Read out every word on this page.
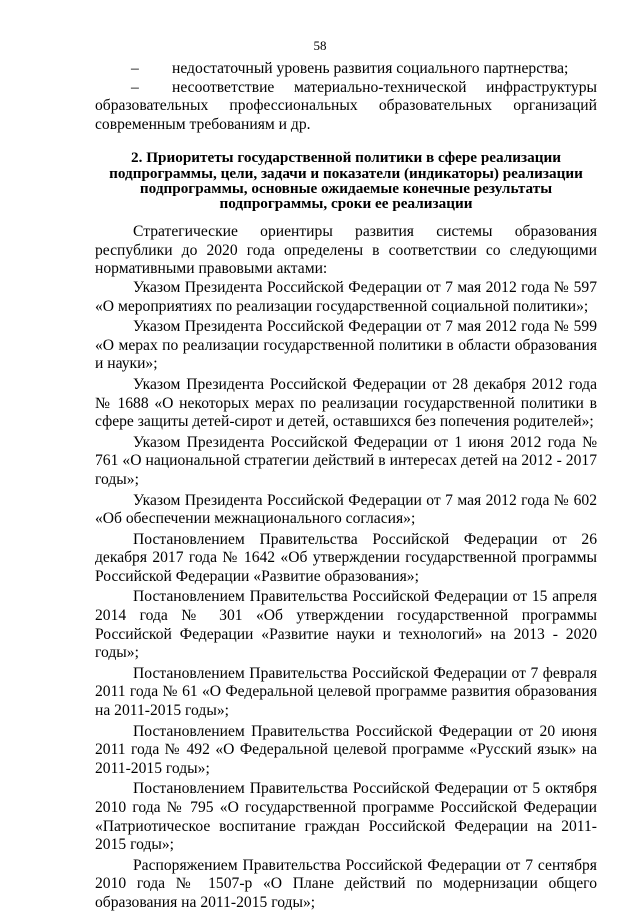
58
–	недостаточный уровень развития социального партнерства;
–	несоответствие материально-технической инфраструктуры

образовательных профессиональных образовательных организаций современным требованиям и др.

2. Приоритеты государственной политики в сфере реализации подпрограммы, цели, задачи и показатели (индикаторы) реализации подпрограммы, основные ожидаемые конечные результаты подпрограммы, сроки ее реализации

Стратегические ориентиры развития системы образования республики до 2020 года определены в соответствии со следующими нормативными правовыми актами:

Указом Президента Российской Федерации от 7 мая 2012 года № 597 «О мероприятиях по реализации государственной социальной политики»;

Указом Президента Российской Федерации от 7 мая 2012 года № 599 «О мерах по реализации государственной политики в области образования и науки»;

Указом Президента Российской Федерации от 28 декабря 2012 года № 1688 «О некоторых мерах по реализации государственной политики в сфере защиты детей-сирот и детей, оставшихся без попечения родителей»;

Указом Президента Российской Федерации от 1 июня 2012 года № 761 «О национальной стратегии действий в интересах детей на 2012 - 2017 годы»;

Указом Президента Российской Федерации от 7 мая 2012 года № 602 «Об обеспечении межнационального согласия»;

Постановлением Правительства Российской Федерации от 26 декабря 2017 года № 1642 «Об утверждении государственной программы Российской Федерации «Развитие образования»;

Постановлением Правительства Российской Федерации от 15 апреля 2014 года № 301 «Об утверждении государственной программы Российской Федерации «Развитие науки и технологий» на 2013 - 2020 годы»;

Постановлением Правительства Российской Федерации от 7 февраля 2011 года № 61 «О Федеральной целевой программе развития образования на 2011-2015 годы»;

Постановлением Правительства Российской Федерации от 20 июня 2011 года № 492 «О Федеральной целевой программе «Русский язык» на 2011-2015 годы»;

Постановлением Правительства Российской Федерации от 5 октября 2010 года № 795 «О государственной программе Российской Федерации «Патриотическое воспитание граждан Российской Федерации на 2011-2015 годы»;

Распоряжением Правительства Российской Федерации от 7 сентября 2010 года № 1507-р «О Плане действий по модернизации общего образования на 2011-2015 годы»;
